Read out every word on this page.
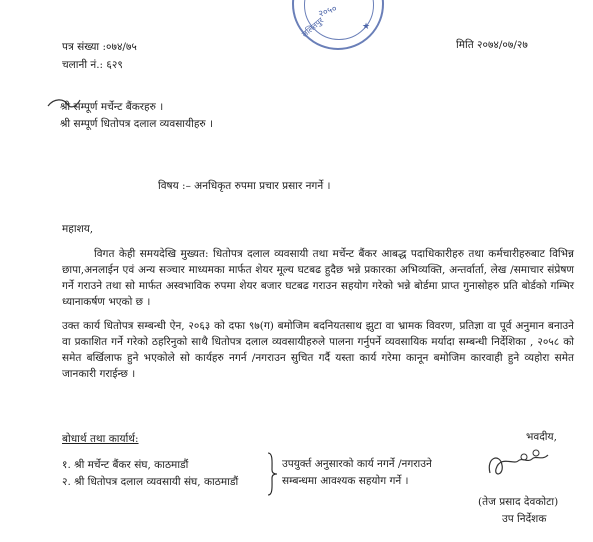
२०५०
ललितपुर	★
पत्र संख्या :०७४/७५
चलानी नं.: ६२९
मिति २०७४/०७/२७
श्री सम्पूर्ण मर्चेन्ट बैंकरहरु ।
श्री सम्पूर्ण धितोपत्र दलाल व्यवसायीहरु ।
विषय :– अनधिकृत रुपमा प्रचार प्रसार नगर्ने ।
महाशय,
विगत केही समयदेखि मुख्यत: धितोपत्र दलाल व्यवसायी तथा मर्चेन्ट बैंकर आबद्ध पदाधिकारीहरु तथा कर्मचारीहरुबाट विभिन्न छापा,अनलाईन एवं अन्य सञ्चार माध्यमका मार्फत शेयर मूल्य घटबढ हुदैछ भन्ने प्रकारका अभिव्यक्ति, अन्तर्वार्ता, लेख /समाचार संप्रेषण गर्ने गराउने तथा सो मार्फत अस्वभाविक रुपमा शेयर बजार घटबढ गराउन सहयोग गरेको भन्ने बोर्डमा प्राप्त गुनासोहरु प्रति बोर्डको गम्भिर ध्यानाकर्षण भएको छ ।
उक्त कार्य धितोपत्र सम्बन्धी ऐन, २०६३ को दफा ९७(ग) बमोजिम बदनियतसाथ झुटा वा भ्रामक विवरण, प्रतिज्ञा वा पूर्व अनुमान बनाउने वा प्रकाशित गर्ने गरेको ठहरिनुको साथै धितोपत्र दलाल व्यवसायीहरुले पालना गर्नुपर्ने व्यवसायिक मर्यादा सम्बन्धी निर्देशिका , २०५८ को समेत बर्खिलाफ हुने भएकोले सो कार्यहरु नगर्न /नगराउन सुचित गर्दै यस्ता कार्य गरेमा कानून बमोजिम कारवाही हुने व्यहोरा समेत जानकारी गराईन्छ ।
बोधार्थ तथा कार्यार्थ:
१. श्री मर्चेन्ट बैंकर संघ, काठमाडौं
२. श्री धितोपत्र दलाल व्यवसायी संघ, काठमाडौं
उपयुर्क्त अनुसारको कार्य नगर्ने /नगराउने
सम्बन्धमा आवश्यक सहयोग गर्ने ।
भवदीय,
(तेज प्रसाद देवकोटा)
उप निर्देशक
